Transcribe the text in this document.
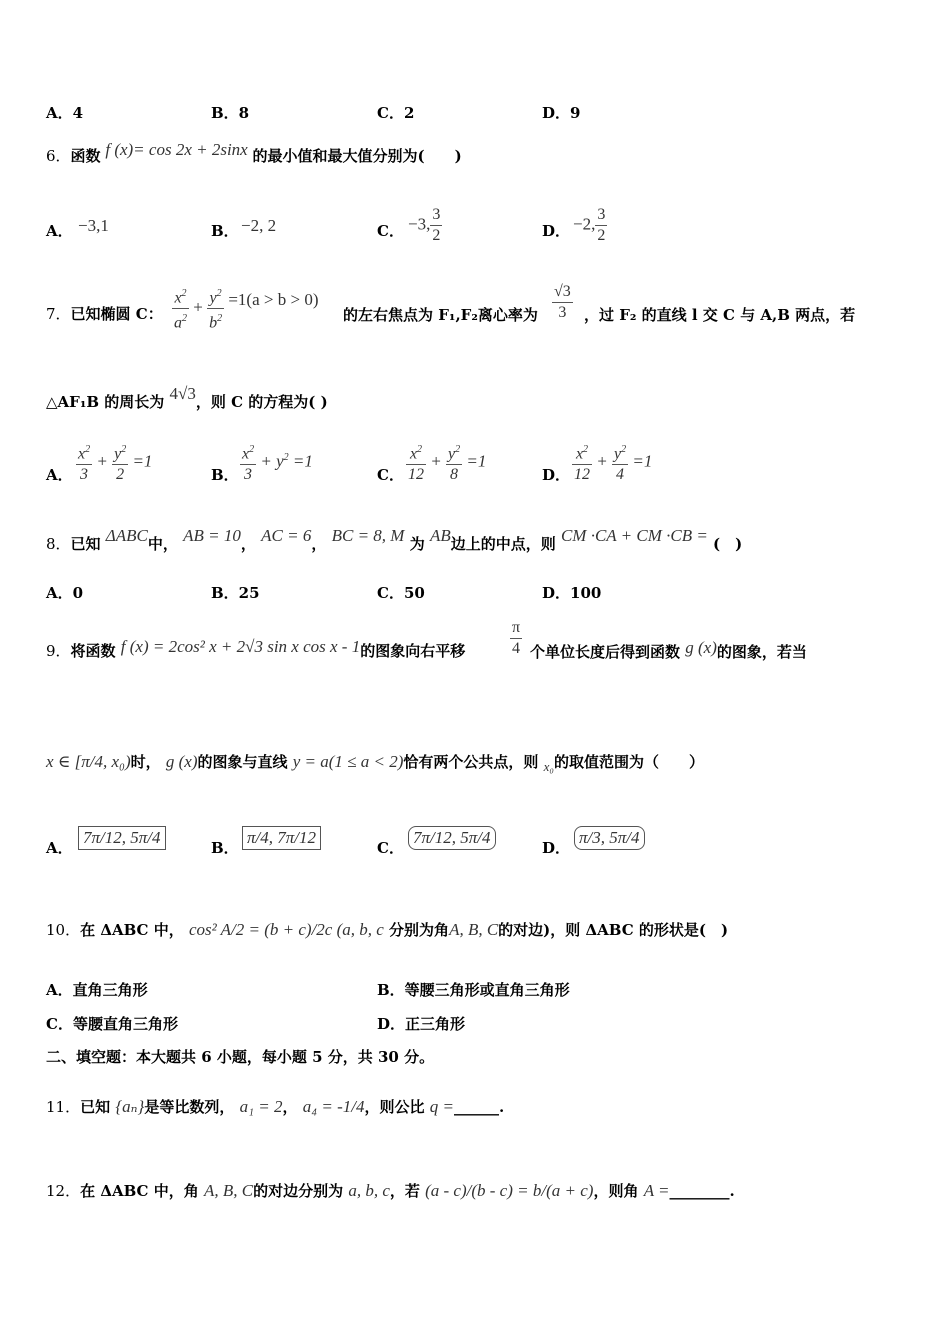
A．4	B．8	C．2	D．9
6．函数 f (x)= cos 2x + 2sinx 的最小值和最大值分别为(　　)
A． −3,1	B． −2, 2	C． −3, $\frac{3}{2}$	D． −2, $\frac{3}{2}$
7．已知椭圆 C： $\frac{x^2}{a^2} + \frac{y^2}{b^2} =1(a > b > 0)$
的左右焦点为 F₁,F₂离心率为 $\frac{√3}{3}$ ，过 F₂ 的直线 l 交 C 与 A,B 两点，若
△AF₁B 的周长为 4√3，则 C 的方程为( )
A． $\frac{x^2}{3} + \frac{y^2}{2} =1$
B． $\frac{x^2}{3} + y^2 =1$
C． $\frac{x^2}{12} + \frac{y^2}{8} =1$
D． $\frac{x^2}{12} + \frac{y^2}{4} =1$
8．已知 ΔABC中， AB = 10， AC = 6， BC = 8, M 为 AB边上的中点，则 CM ·CA + CM ·CB = (　)
A．0	B．25	C．50	D．100
9．将函数 f (x) = 2cos² x + 2√3 sin x cos x - 1的图象向右平移	$\frac{\pi}{4}$ 个单位长度后得到函数 g (x)的图象，若当
x ∈ [π/4, x₀)时， g (x)的图象与直线 y = a(1 ≤ a < 2)恰有两个公共点，则 x₀的取值范围为（　　）
A．
7π/12, 5π/4
B．
π/4, 7π/12
C．
7π/12, 5π/4
D．
π/3, 5π/4
10．在 ΔABC 中， cos² A/2 = (b + c)/2c (a, b, c 分别为角A, B, C的对边)，则 ΔABC 的形状是(　)
A．直角三角形	B．等腰三角形或直角三角形
C．等腰直角三角形	D．正三角形
二、填空题：本大题共 6 小题，每小题 5 分，共 30 分。
11．已知 {aₙ}是等比数列， a₁ = 2， a₄ = -1/4，则公比 q =______.
12．在 ΔABC 中，角 A, B, C的对边分别为 a, b, c，若 (a - c)/(b - c) = b/(a + c)，则角 A =________.
